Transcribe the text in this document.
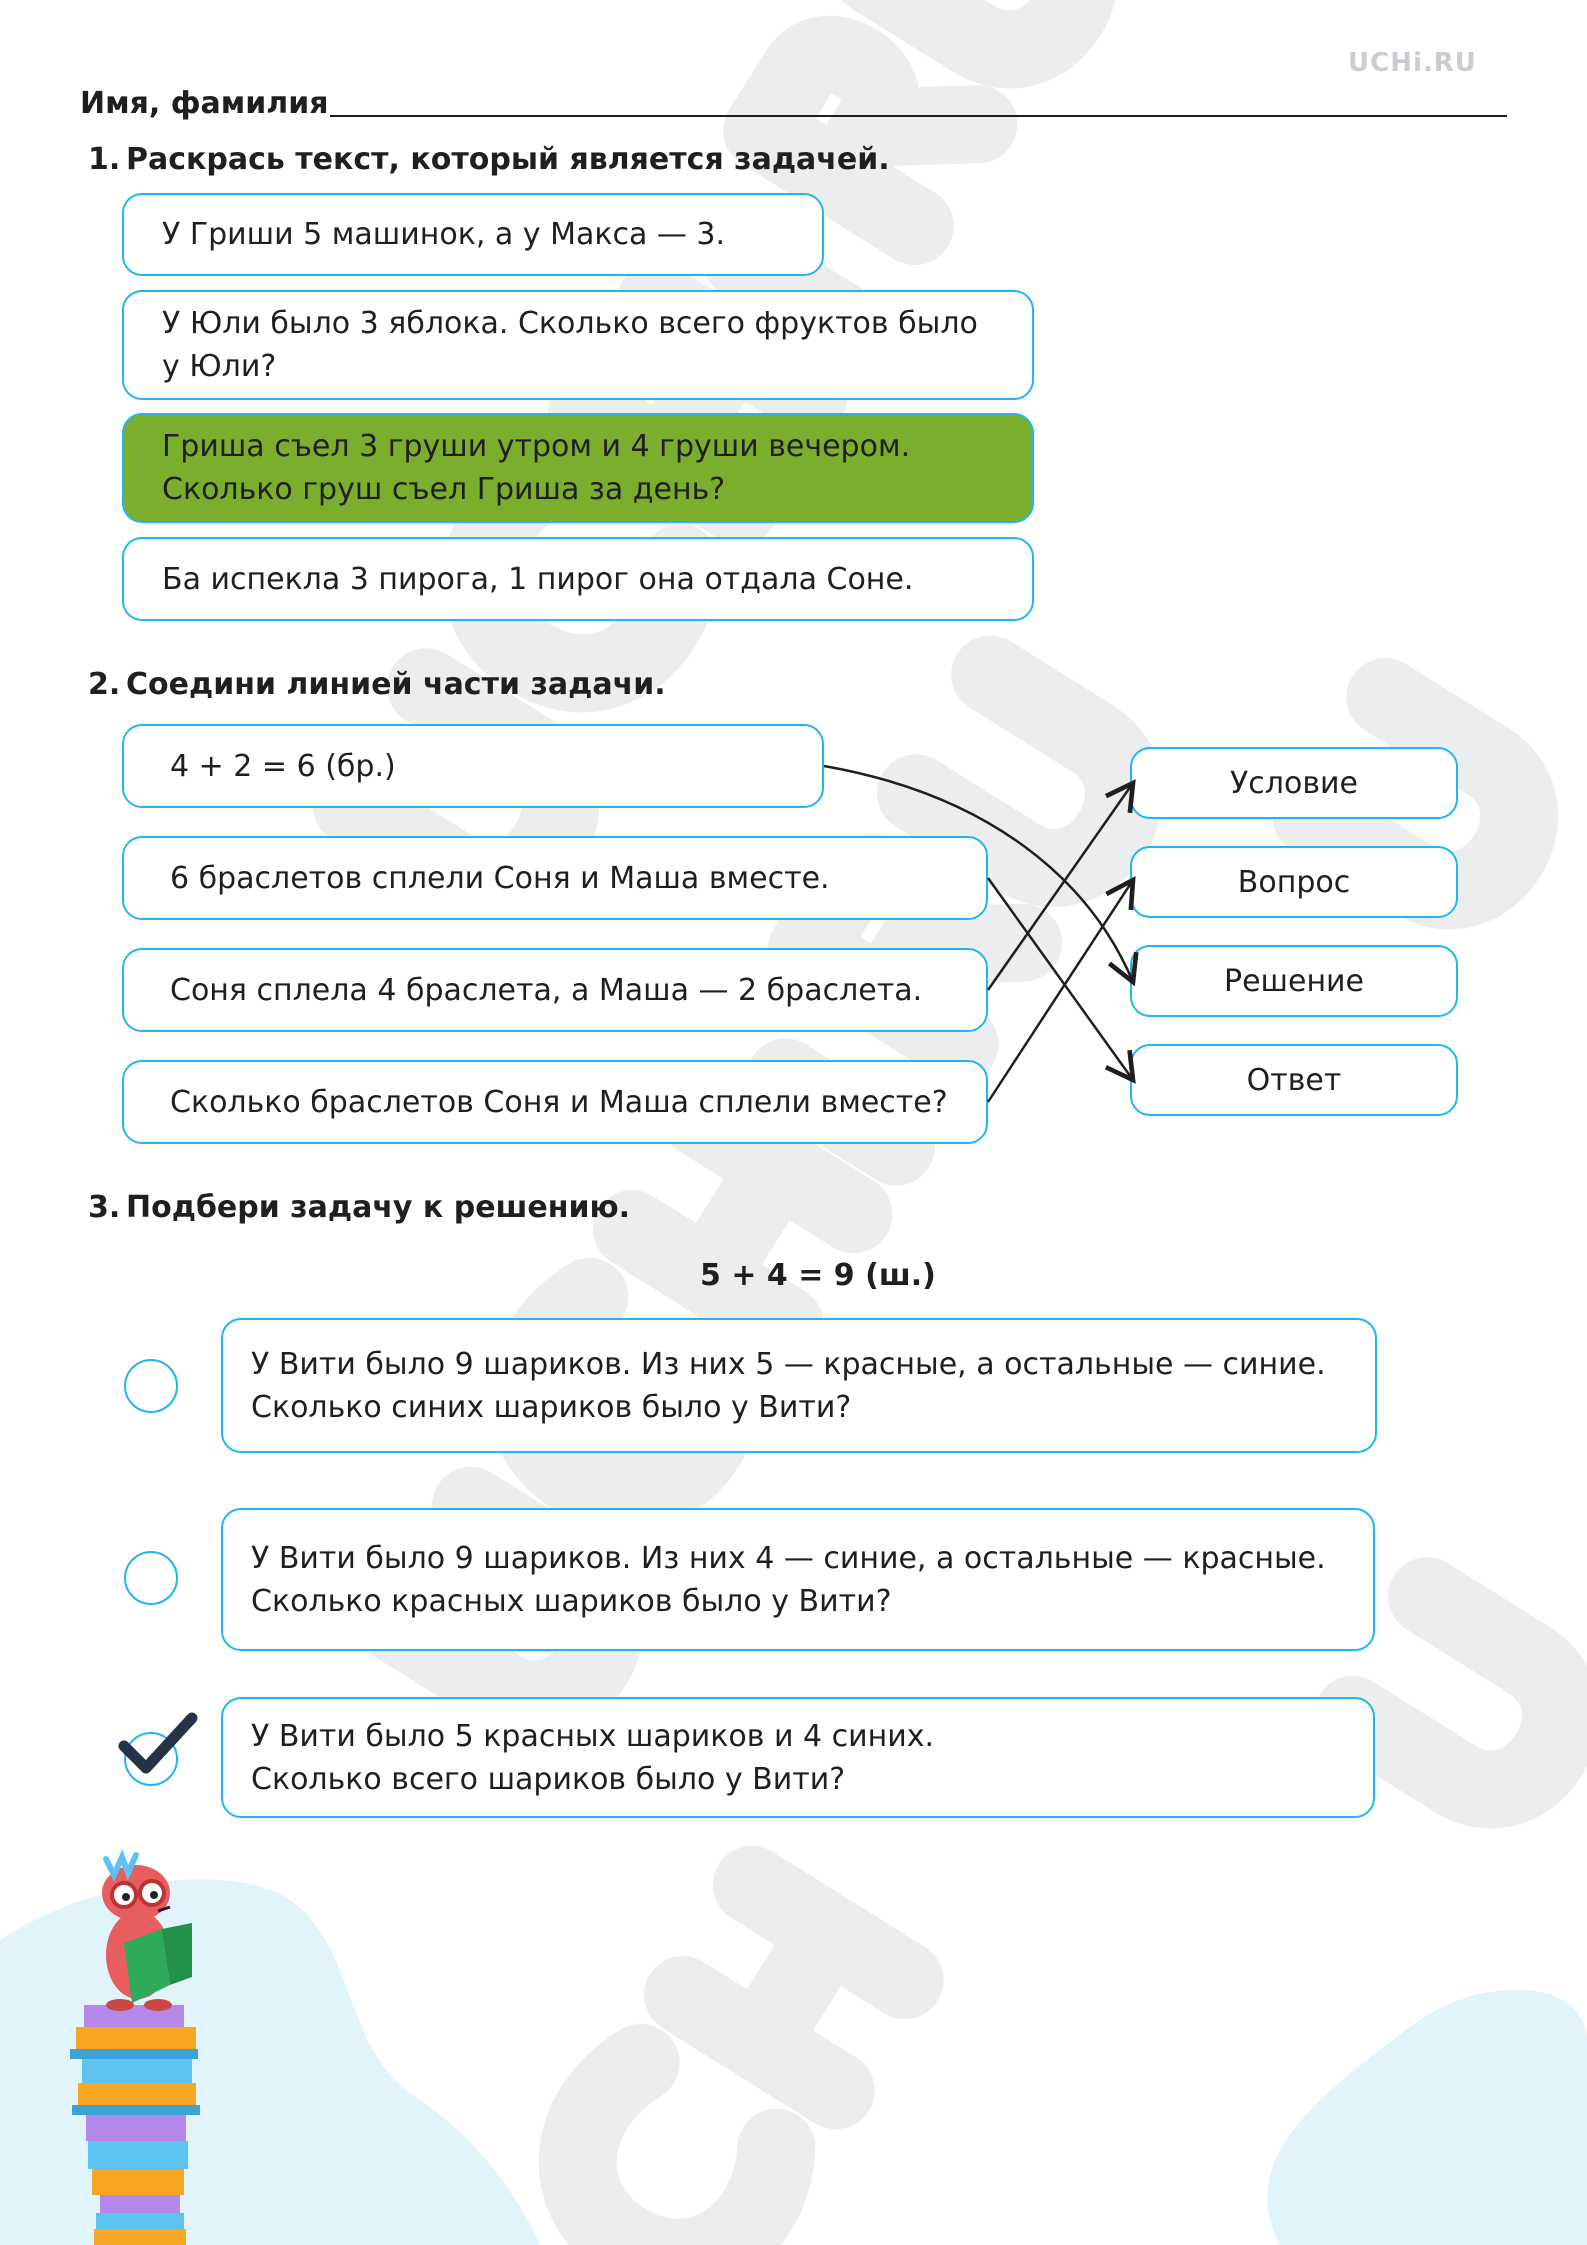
UCHi.RU
Имя, фамилия
1. Раскрась текст, который является задачей.
У Гриши 5 машинок, а у Макса — 3.
У Юли было 3 яблока. Сколько всего фруктов было
у Юли?
Гриша съел 3 груши утром и 4 груши вечером.
Сколько груш съел Гриша за день?
Ба испекла 3 пирога, 1 пирог она отдала Соне.
2. Соедини линией части задачи.
4 + 2 = 6 (бр.)
6 браслетов сплели Соня и Маша вместе.
Соня сплела 4 браслета, а Маша — 2 браслета.
Сколько браслетов Соня и Маша сплели вместе?
Условие
Вопрос
Решение
Ответ
3. Подбери задачу к решению.
5 + 4 = 9 (ш.)
У Вити было 9 шариков. Из них 5 — красные, а остальные — синие.
Сколько синих шариков было у Вити?
У Вити было 9 шариков. Из них 4 — синие, а остальные — красные.
Сколько красных шариков было у Вити?
У Вити было 5 красных шариков и 4 синих.
Сколько всего шариков было у Вити?
